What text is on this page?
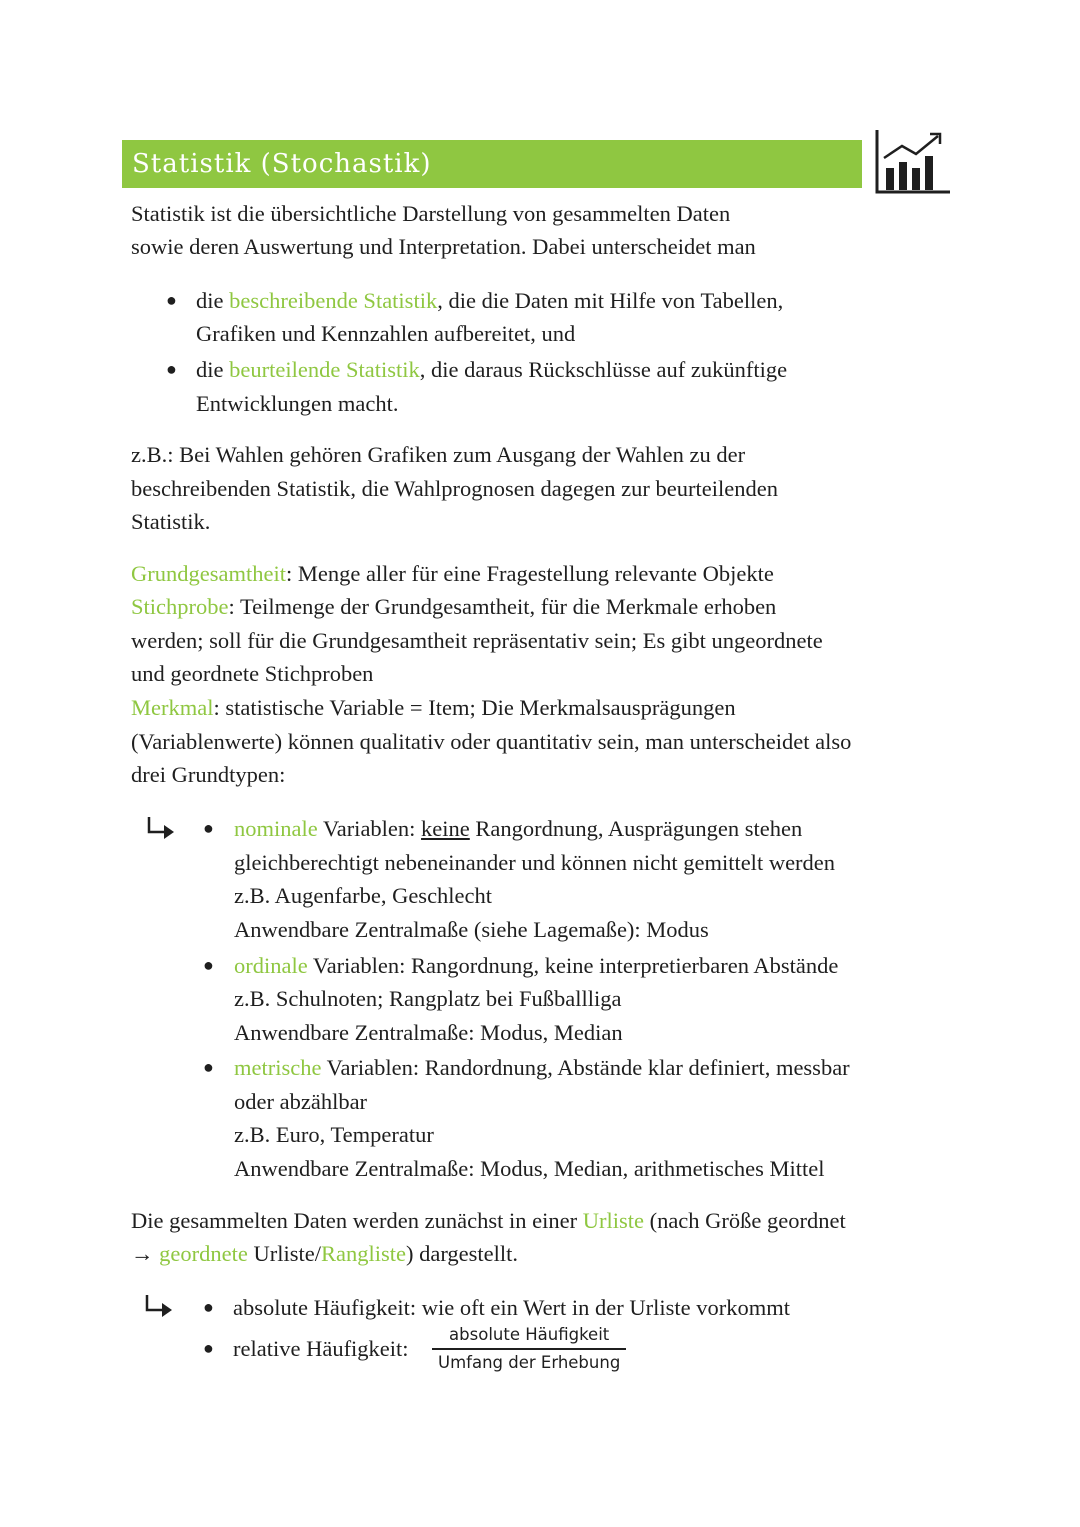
Statistik (Stochastik)
Statistik ist die übersichtliche Darstellung von gesammelten Daten
sowie deren Auswertung und Interpretation. Dabei unterscheidet man
● die beschreibende Statistik, die die Daten mit Hilfe von Tabellen,
Grafiken und Kennzahlen aufbereitet, und
● die beurteilende Statistik, die daraus Rückschlüsse auf zukünftige
Entwicklungen macht.
z.B.: Bei Wahlen gehören Grafiken zum Ausgang der Wahlen zu der
beschreibenden Statistik, die Wahlprognosen dagegen zur beurteilenden
Statistik.
Grundgesamtheit: Menge aller für eine Fragestellung relevante Objekte
Stichprobe: Teilmenge der Grundgesamtheit, für die Merkmale erhoben
werden; soll für die Grundgesamtheit repräsentativ sein; Es gibt ungeordnete
und geordnete Stichproben
Merkmal: statistische Variable = Item; Die Merkmalsausprägungen
(Variablenwerte) können qualitativ oder quantitativ sein, man unterscheidet also
drei Grundtypen:
● nominale Variablen: keine Rangordnung, Ausprägungen stehen
gleichberechtigt nebeneinander und können nicht gemittelt werden
z.B. Augenfarbe, Geschlecht
Anwendbare Zentralmaße (siehe Lagemaße): Modus
● ordinale Variablen: Rangordnung, keine interpretierbaren Abstände
z.B. Schulnoten; Rangplatz bei Fußballliga
Anwendbare Zentralmaße: Modus, Median
● metrische Variablen: Randordnung, Abstände klar definiert, messbar
oder abzählbar
z.B. Euro, Temperatur
Anwendbare Zentralmaße: Modus, Median, arithmetisches Mittel
Die gesammelten Daten werden zunächst in einer Urliste (nach Größe geordnet
→ geordnete Urliste/Rangliste) dargestellt.
● absolute Häufigkeit: wie oft ein Wert in der Urliste vorkommt
● relative Häufigkeit:
absolute Häufigkeit
Umfang der Erhebung
